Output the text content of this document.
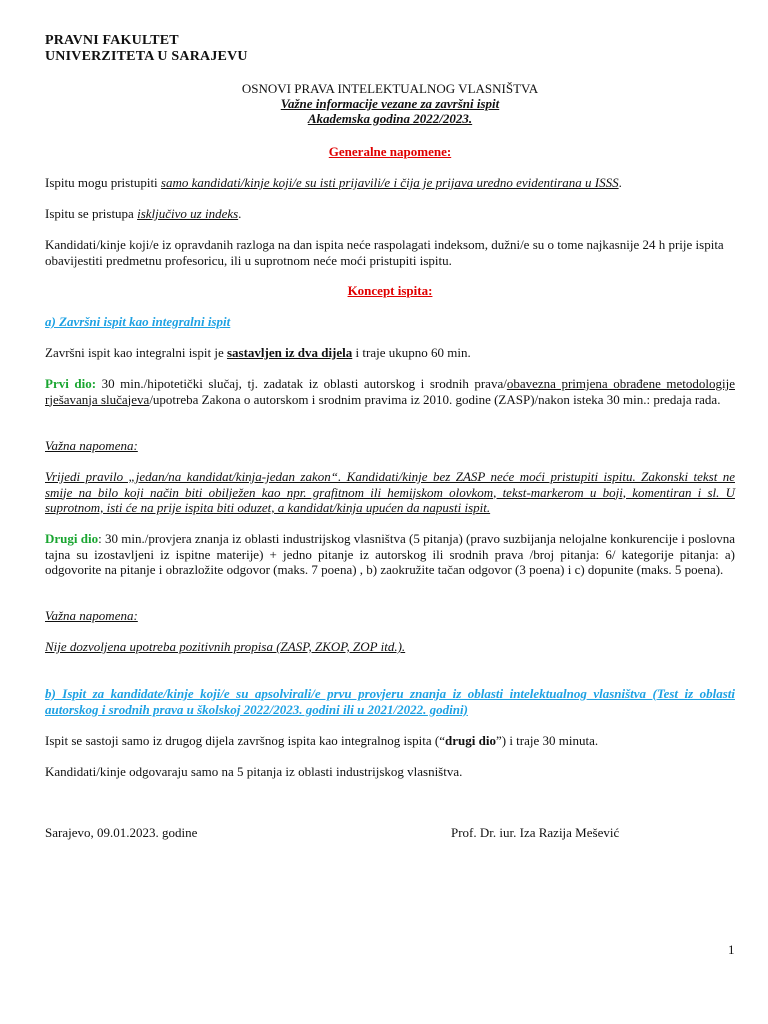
PRAVNI FAKULTET
UNIVERZITETA U SARAJEVU
OSNOVI PRAVA INTELEKTUALNOG VLASNIŠTVA
Važne informacije vezane za završni ispit
Akademska godina 2022/2023.
Generalne napomene:
Ispitu mogu pristupiti samo kandidati/kinje koji/e su isti prijavili/e i čija je prijava uredno evidentirana u ISSS.
Ispitu se pristupa isključivo uz indeks.
Kandidati/kinje koji/e iz opravdanih razloga na dan ispita neće raspolagati indeksom, dužni/e su o tome najkasnije 24 h prije ispita obavijestiti predmetnu profesoricu, ili u suprotnom neće moći pristupiti ispitu.
Koncept ispita:
a) Završni ispit kao integralni ispit
Završni ispit kao integralni ispit je sastavljen iz dva dijela i traje ukupno 60 min.
Prvi dio: 30 min./hipotetički slučaj, tj. zadatak iz oblasti autorskog i srodnih prava/obavezna primjena obrađene metodologije rješavanja slučajeva/upotreba Zakona o autorskom i srodnim pravima iz 2010. godine (ZASP)/nakon isteka 30 min.: predaja rada.
Važna napomena:
Vrijedi pravilo „jedan/na kandidat/kinja-jedan zakon“. Kandidati/kinje bez ZASP neće moći pristupiti ispitu. Zakonski tekst ne smije na bilo koji način biti obilježen kao npr. grafitnom ili hemijskom olovkom, tekst-markerom u boji, komentiran i sl. U suprotnom, isti će na prije ispita biti oduzet, a kandidat/kinja upućen da napusti ispit.
Drugi dio: 30 min./provjera znanja iz oblasti industrijskog vlasništva (5 pitanja) (pravo suzbijanja nelojalne konkurencije i poslovna tajna su izostavljeni iz ispitne materije) + jedno pitanje iz autorskog ili srodnih prava /broj pitanja: 6/ kategorije pitanja: a) odgovorite na pitanje i obrazložite odgovor (maks. 7 poena) , b) zaokružite tačan odgovor (3 poena) i c) dopunite (maks. 5 poena).
Važna napomena:
Nije dozvoljena upotreba pozitivnih propisa (ZASP, ZKOP, ZOP itd.).
b) Ispit za kandidate/kinje koji/e su apsolvirali/e prvu provjeru znanja iz oblasti intelektualnog vlasništva (Test iz oblasti autorskog i srodnih prava u školskoj 2022/2023. godini ili u 2021/2022. godini)
Ispit se sastoji samo iz drugog dijela završnog ispita kao integralnog ispita (“drugi dio”) i traje 30 minuta.
Kandidati/kinje odgovaraju samo na 5 pitanja iz oblasti industrijskog vlasništva.
Sarajevo, 09.01.2023. godine	Prof. Dr. iur. Iza Razija Mešević
1
